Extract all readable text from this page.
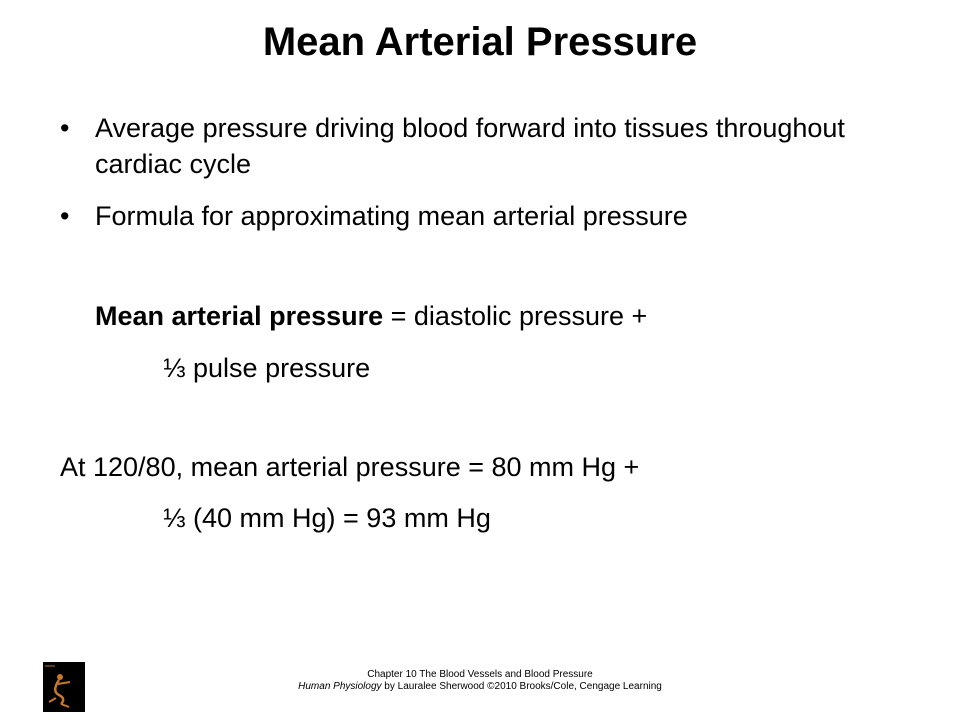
Mean Arterial Pressure
• Average pressure driving blood forward into tissues throughout cardiac cycle
• Formula for approximating mean arterial pressure
Mean arterial pressure = diastolic pressure +
⅓ pulse pressure
At 120/80, mean arterial pressure = 80 mm Hg +
⅓ (40 mm Hg) = 93 mm Hg
Chapter 10 The Blood Vessels and Blood Pressure
Human Physiology by Lauralee Sherwood ©2010 Brooks/Cole, Cengage Learning
